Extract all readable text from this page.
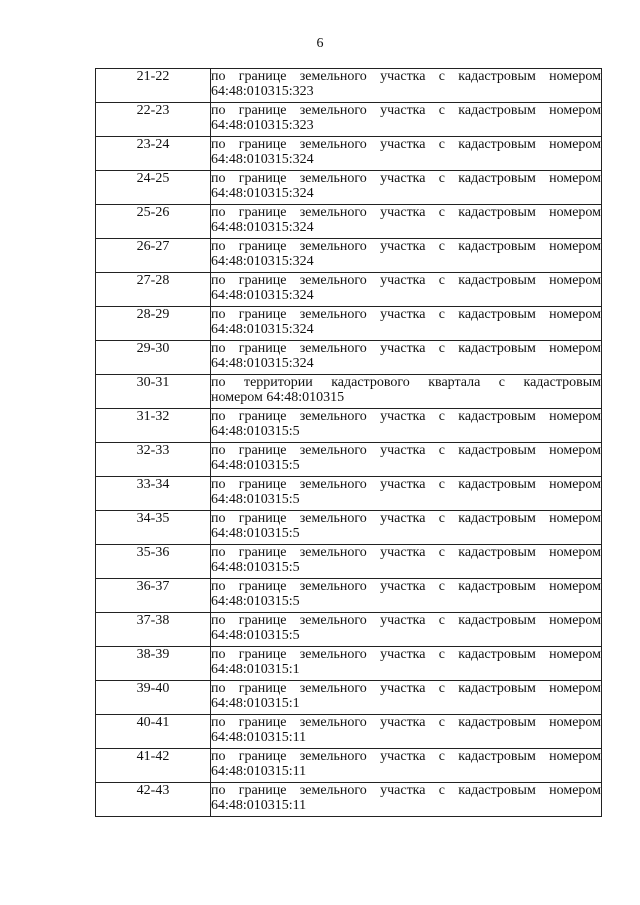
6
21-22	по границе земельного участка с кадастровым номером
64:48:010315:323

22-23	по границе земельного участка с кадастровым номером
64:48:010315:323

23-24	по границе земельного участка с кадастровым номером
64:48:010315:324

24-25	по границе земельного участка с кадастровым номером
64:48:010315:324

25-26	по границе земельного участка с кадастровым номером
64:48:010315:324

26-27	по границе земельного участка с кадастровым номером
64:48:010315:324

27-28	по границе земельного участка с кадастровым номером
64:48:010315:324

28-29	по границе земельного участка с кадастровым номером
64:48:010315:324

29-30	по границе земельного участка с кадастровым номером
64:48:010315:324

30-31	по территории кадастрового квартала с кадастровым
номером 64:48:010315

31-32	по границе земельного участка с кадастровым номером
64:48:010315:5

32-33	по границе земельного участка с кадастровым номером
64:48:010315:5

33-34	по границе земельного участка с кадастровым номером
64:48:010315:5

34-35	по границе земельного участка с кадастровым номером
64:48:010315:5

35-36	по границе земельного участка с кадастровым номером
64:48:010315:5

36-37	по границе земельного участка с кадастровым номером
64:48:010315:5

37-38	по границе земельного участка с кадастровым номером
64:48:010315:5

38-39	по границе земельного участка с кадастровым номером
64:48:010315:1

39-40	по границе земельного участка с кадастровым номером
64:48:010315:1

40-41	по границе земельного участка с кадастровым номером
64:48:010315:11

41-42	по границе земельного участка с кадастровым номером
64:48:010315:11

42-43	по границе земельного участка с кадастровым номером
64:48:010315:11
